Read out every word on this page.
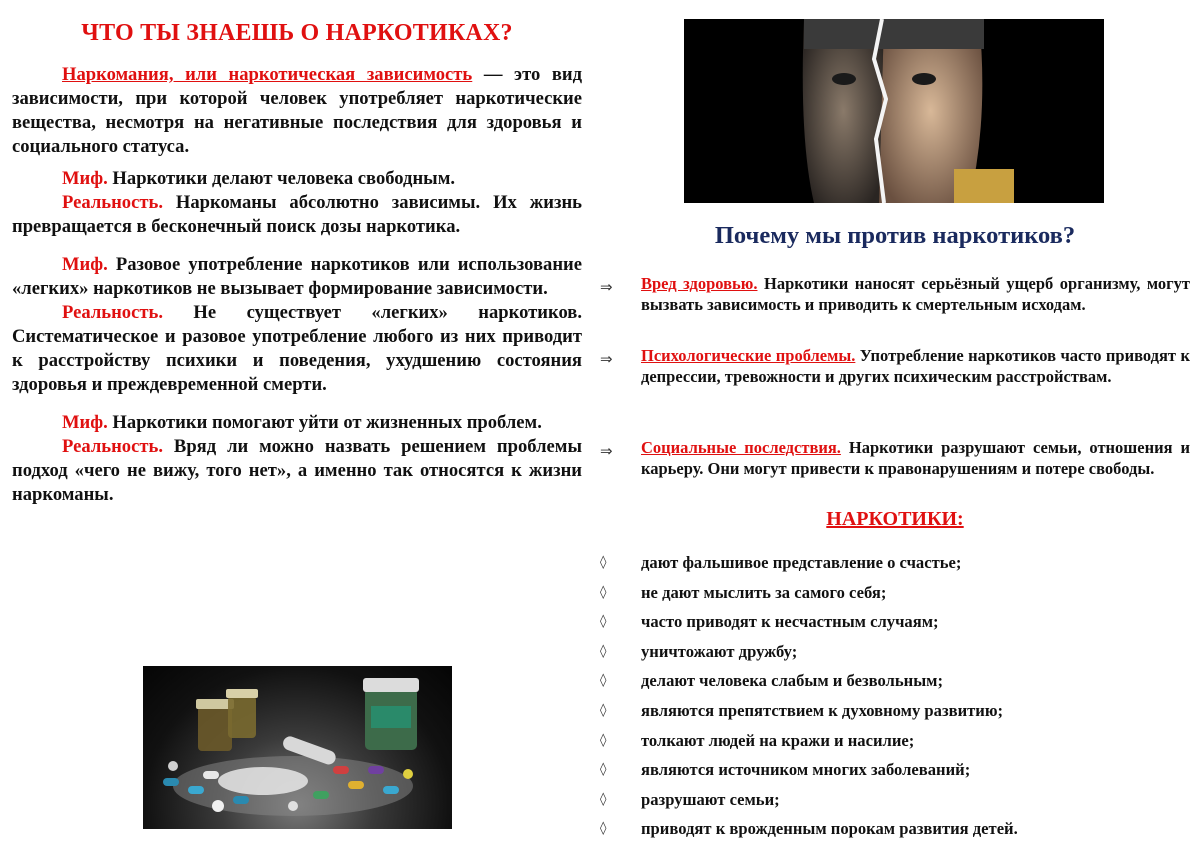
ЧТО ТЫ ЗНАЕШЬ О НАРКОТИКАХ?

Наркомания, или наркотическая зависимость — это вид зависимости, при которой человек употребляет наркотические вещества, несмотря на негативные последствия для здоровья и социального статуса.

Миф. Наркотики делают человека свободным.

Реальность. Наркоманы абсолютно зависимы. Их жизнь превращается в бесконечный поиск дозы наркотика.

Миф. Разовое употребление наркотиков или использование «легких» наркотиков не вызывает формирование зависимости.

Реальность. Не существует «легких» наркотиков. Систематическое и разовое употребление любого из них приводит к расстройству психики и поведения, ухудшению состояния здоровья и преждевременной смерти.

Миф. Наркотики помогают уйти от жизненных проблем.

Реальность. Вряд ли можно назвать решением проблемы подход «чего не вижу, того нет», а именно так относятся к жизни наркоманы.

Почему мы против наркотиков?
⇒ Вред здоровью. Наркотики наносят серьёзный ущерб организму, могут вызвать зависимость и приводить к смертельным исходам.
⇒ Психологические проблемы. Употребление наркотиков часто приводят к депрессии, тревожности и других психическим расстройствам.
⇒ Социальные последствия. Наркотики разрушают семьи, отношения и карьеру. Они могут привести к правонарушениям и потере свободы.
НАРКОТИКИ:
◊ дают фальшивое представление о счастье;
◊ не дают мыслить за самого себя;
◊ часто приводят к несчастным случаям;
◊ уничтожают дружбу;
◊ делают человека слабым и безвольным;
◊ являются препятствием к духовному развитию;
◊ толкают людей на кражи и насилие;
◊ являются источником многих заболеваний;
◊ разрушают семьи;
◊ приводят к врожденным порокам развития детей.
